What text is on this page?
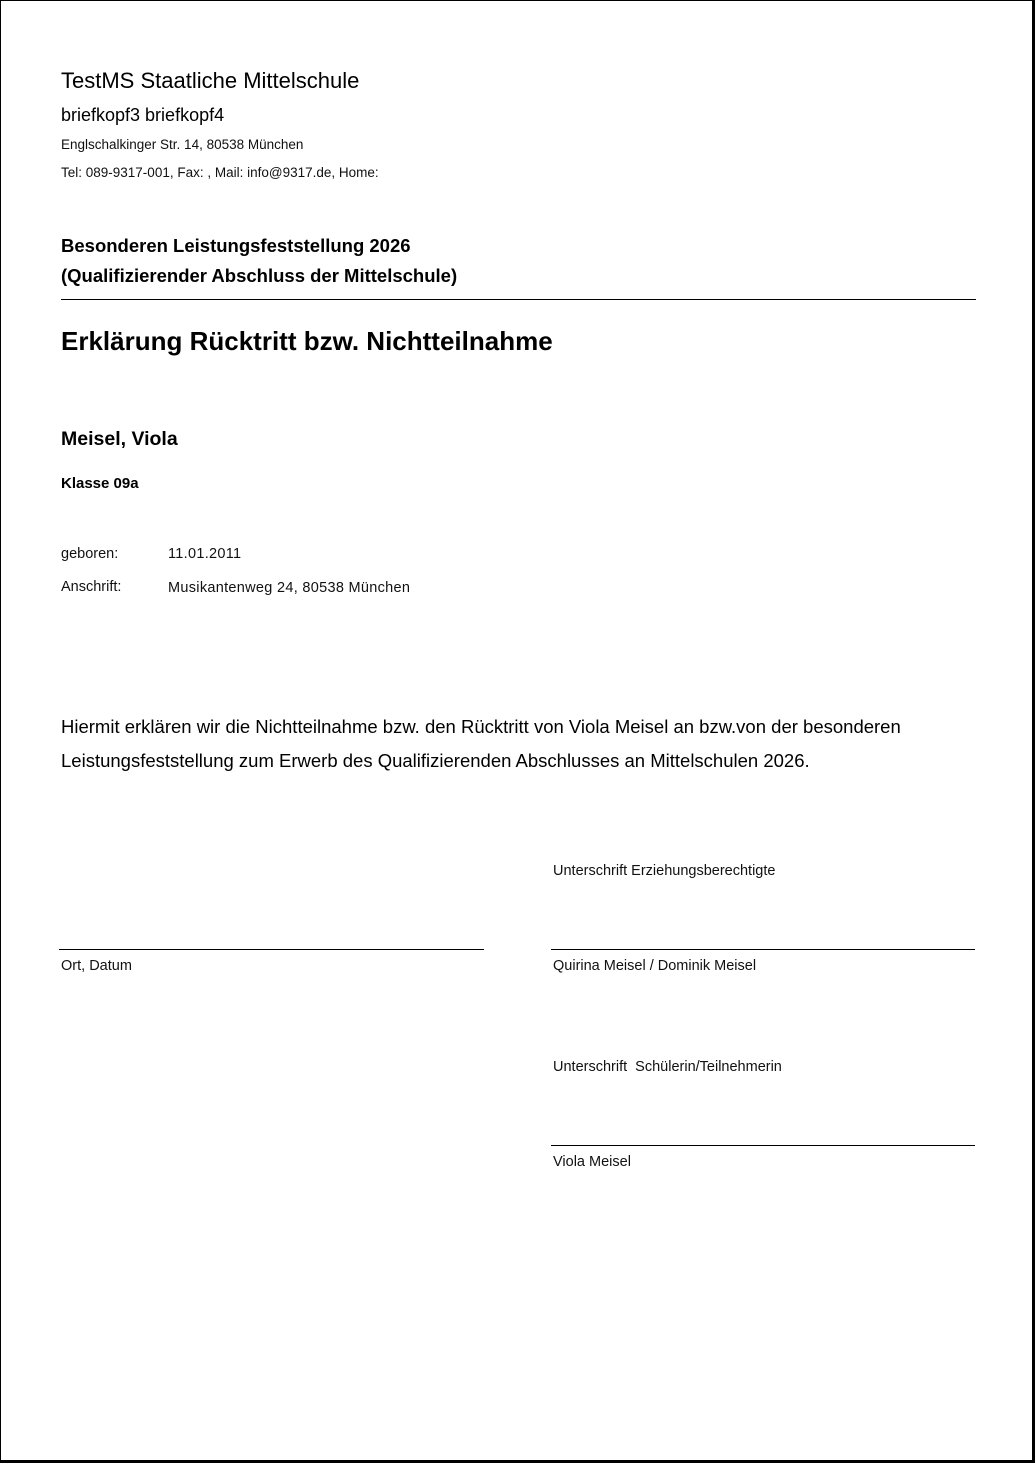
TestMS Staatliche Mittelschule
briefkopf3 briefkopf4
Englschalkinger Str. 14, 80538 München
Tel: 089-9317-001, Fax: , Mail: info@9317.de, Home:
Besonderen Leistungsfeststellung 2026
(Qualifizierender Abschluss der Mittelschule)
Erklärung Rücktritt bzw. Nichtteilnahme
Meisel, Viola
Klasse 09a
geboren:	11.01.2011
Anschrift:	Musikantenweg 24, 80538 München
Hiermit erklären wir die Nichtteilnahme bzw. den Rücktritt von Viola Meisel an bzw.von der besonderen Leistungsfeststellung zum Erwerb des Qualifizierenden Abschlusses an Mittelschulen 2026.
Unterschrift Erziehungsberechtigte
Ort, Datum	Quirina Meisel / Dominik Meisel
Unterschrift  Schülerin/Teilnehmerin
Viola Meisel
